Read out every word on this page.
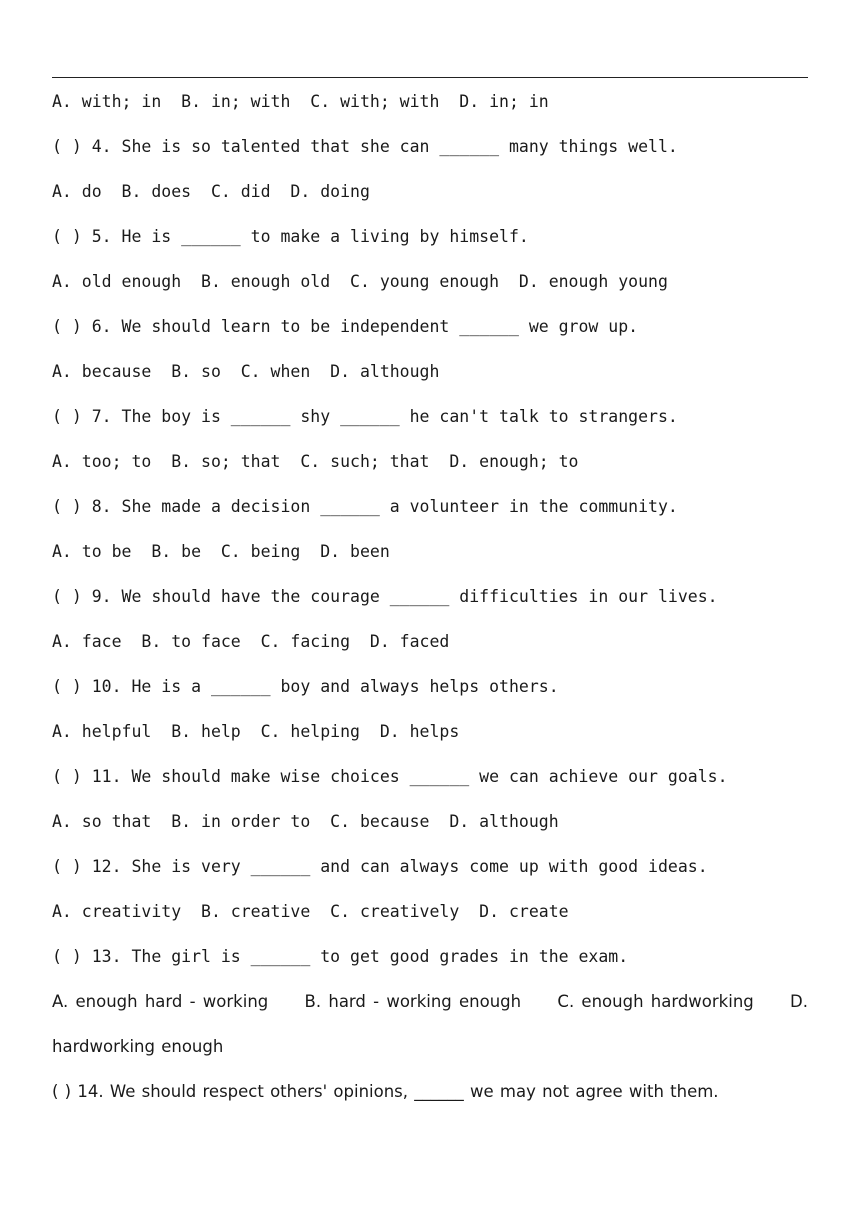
A. with; in  B. in; with  C. with; with  D. in; in
( ) 4. She is so talented that she can ______ many things well.
A. do  B. does  C. did  D. doing
( ) 5. He is ______ to make a living by himself.
A. old enough  B. enough old  C. young enough  D. enough young
( ) 6. We should learn to be independent ______ we grow up.
A. because  B. so  C. when  D. although
( ) 7. The boy is ______ shy ______ he can't talk to strangers.
A. too; to  B. so; that  C. such; that  D. enough; to
( ) 8. She made a decision ______ a volunteer in the community.
A. to be  B. be  C. being  D. been
( ) 9. We should have the courage ______ difficulties in our lives.
A. face  B. to face  C. facing  D. faced
( ) 10. He is a ______ boy and always helps others.
A. helpful  B. help  C. helping  D. helps
( ) 11. We should make wise choices ______ we can achieve our goals.
A. so that  B. in order to  C. because  D. although
( ) 12. She is very ______ and can always come up with good ideas.
A. creativity  B. creative  C. creatively  D. create
( ) 13. The girl is ______ to get good grades in the exam.
A. enough hard - working B. hard - working enough C. enough hardworking D.
hardworking enough
( ) 14. We should respect others' opinions, ______ we may not agree with them.
